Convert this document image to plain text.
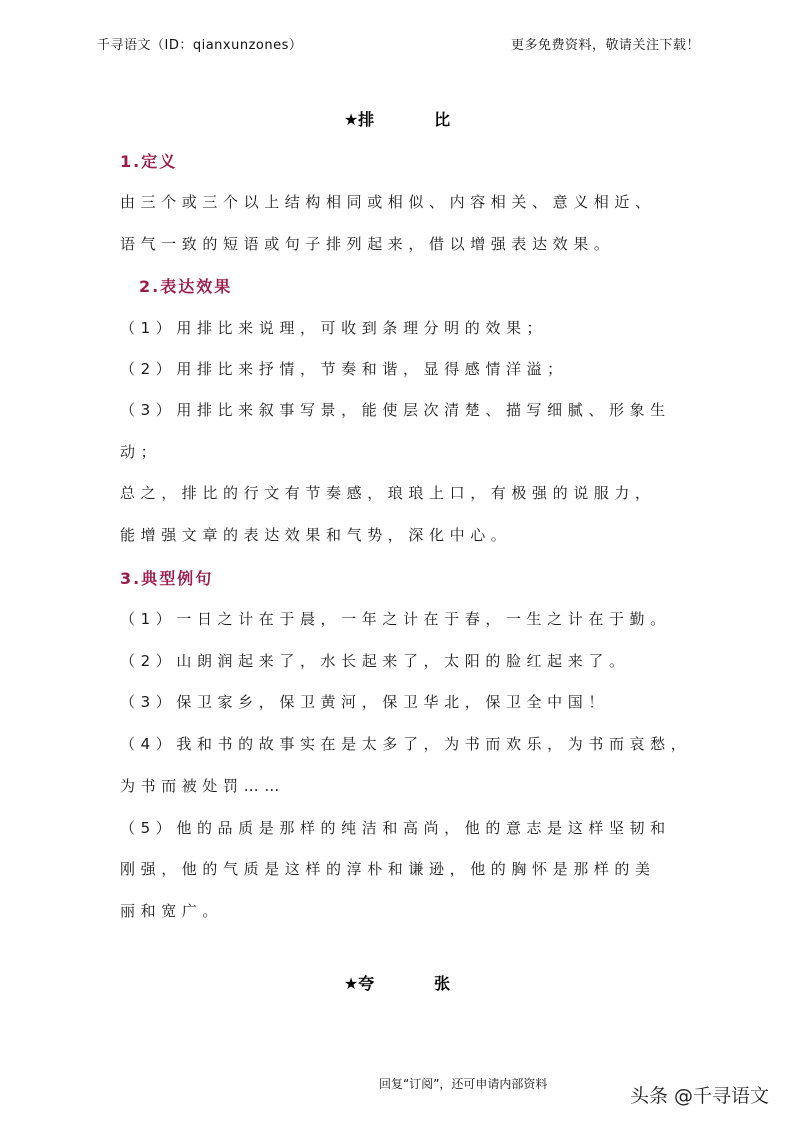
千寻语文（ID：qianxunzones）	更多免费资料，敬请关注下载！
★排	比
1.定义
由三个或三个以上结构相同或相似、内容相关、意义相近、
语气一致的短语或句子排列起来，借以增强表达效果。
2.表达效果
（1）用排比来说理，可收到条理分明的效果；
（2）用排比来抒情，节奏和谐，显得感情洋溢；
（3）用排比来叙事写景，能使层次清楚、描写细腻、形象生
动；
总之，排比的行文有节奏感，琅琅上口，有极强的说服力，
能增强文章的表达效果和气势，深化中心。
3.典型例句
（1）一日之计在于晨，一年之计在于春，一生之计在于勤。
（2）山朗润起来了，水长起来了，太阳的脸红起来了。
（3）保卫家乡，保卫黄河，保卫华北，保卫全中国！
（4）我和书的故事实在是太多了，为书而欢乐，为书而哀愁，
为书而被处罚……
（5）他的品质是那样的纯洁和高尚，他的意志是这样坚韧和
刚强，他的气质是这样的淳朴和谦逊，他的胸怀是那样的美
丽和宽广。
★夸	张
回复“订阅”，还可申请内部资料
头条 @千寻语文
